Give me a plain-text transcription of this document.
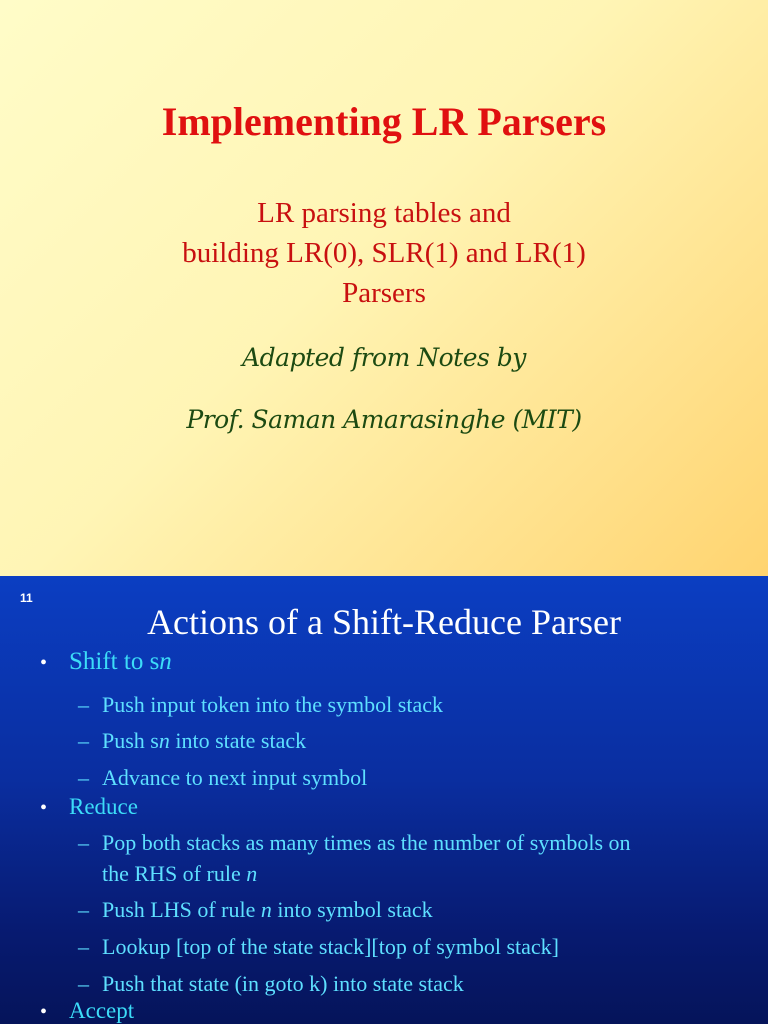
Implementing LR Parsers
LR parsing tables and
building LR(0), SLR(1) and LR(1)
Parsers
Adapted from Notes by
Prof. Saman Amarasinghe (MIT)
11
Actions of a Shift-Reduce Parser
• Shift to sn
– Push input token into the symbol stack
– Push sn into state stack
– Advance to next input symbol
• Reduce
– Pop both stacks as many times as the number of symbols on
the RHS of rule n
– Push LHS of rule n into symbol stack
– Lookup [top of the state stack][top of symbol stack]
– Push that state (in goto k) into state stack
• Accept
